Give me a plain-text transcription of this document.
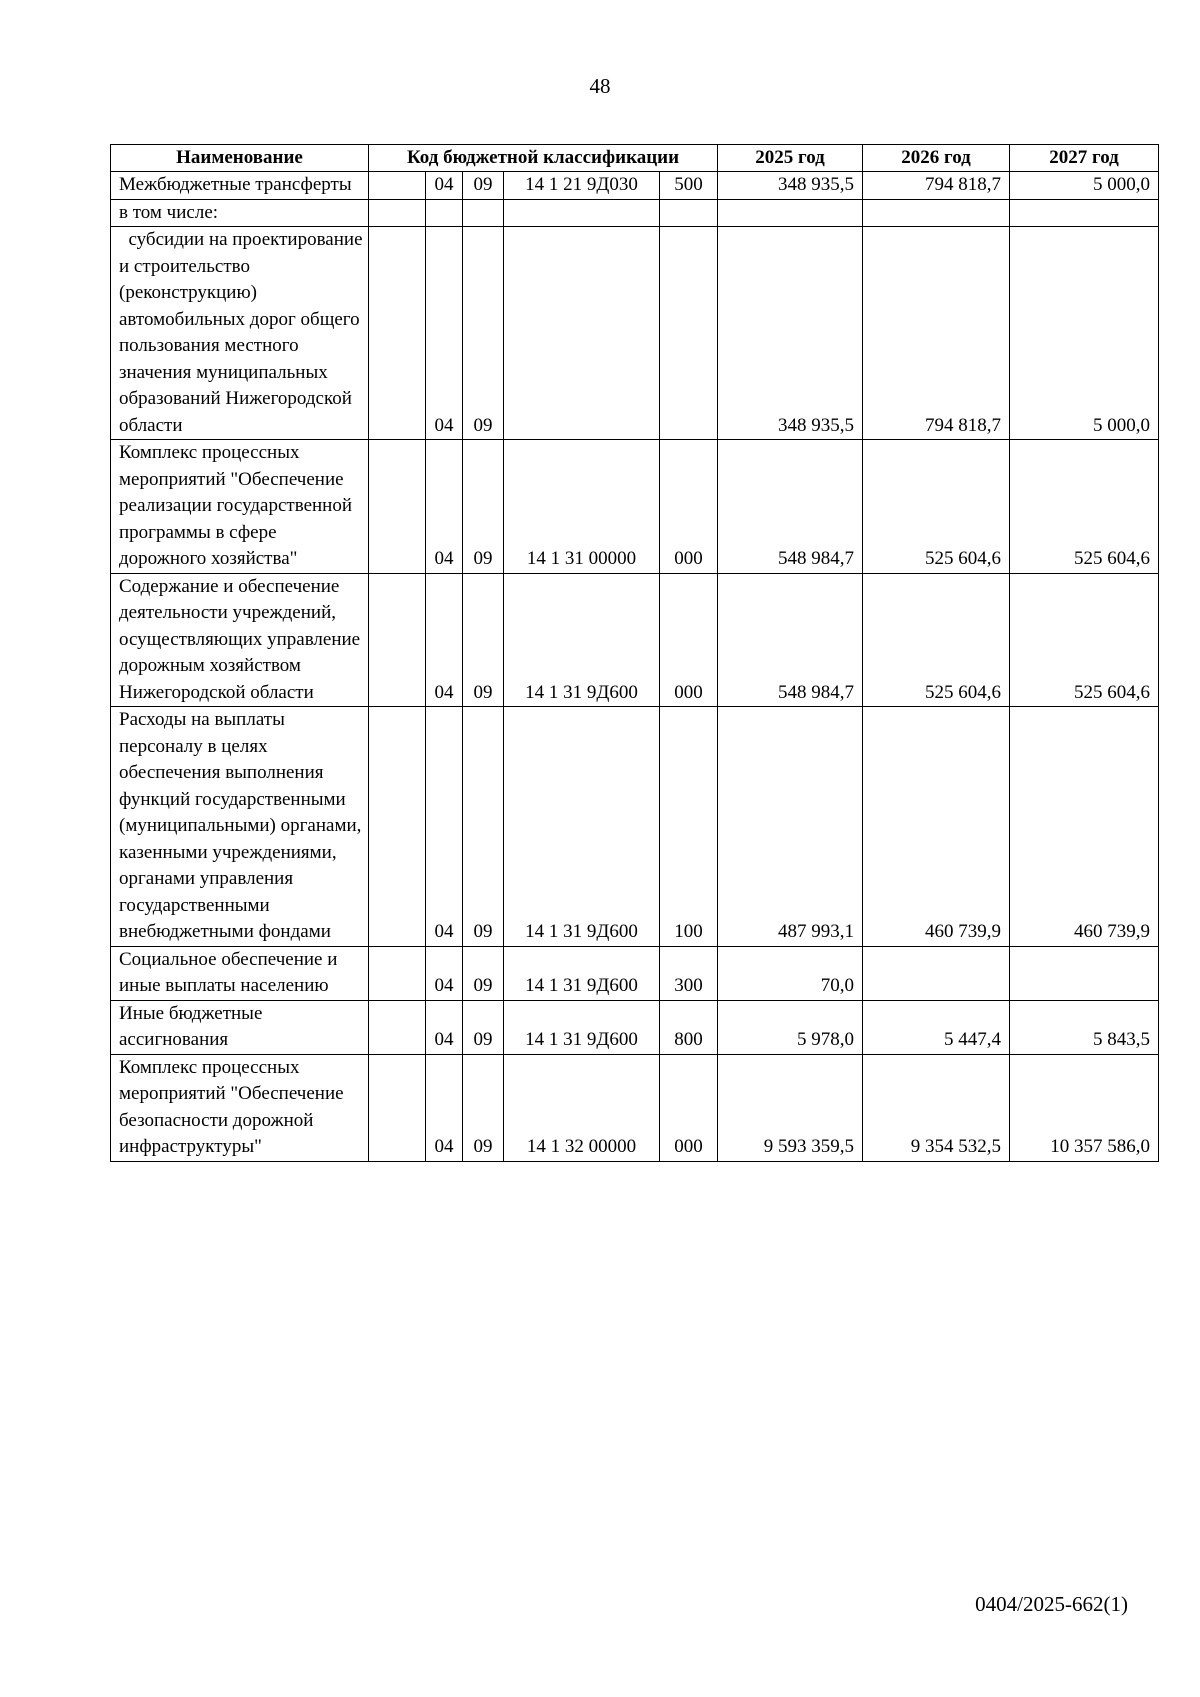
48
Наименование	Код бюджетной классификации					2025 год	2026 год	2027 год
Межбюджетные трансферты		04	09	14 1 21 9Д030	500	348 935,5	794 818,7	5 000,0
в том числе:								
субсидии на проектирование и строительство (реконструкцию) автомобильных дорог общего пользования местного значения муниципальных образований Нижегородской области		04	09			348 935,5	794 818,7	5 000,0
Комплекс процессных мероприятий "Обеспечение реализации государственной программы в сфере дорожного хозяйства"		04	09	14 1 31 00000	000	548 984,7	525 604,6	525 604,6
Содержание и обеспечение деятельности учреждений, осуществляющих управление дорожным хозяйством Нижегородской области		04	09	14 1 31 9Д600	000	548 984,7	525 604,6	525 604,6
Расходы на выплаты персоналу в целях обеспечения выполнения функций государственными (муниципальными) органами, казенными учреждениями, органами управления государственными внебюджетными фондами		04	09	14 1 31 9Д600	100	487 993,1	460 739,9	460 739,9
Социальное обеспечение и иные выплаты населению		04	09	14 1 31 9Д600	300	70,0		
Иные бюджетные ассигнования		04	09	14 1 31 9Д600	800	5 978,0	5 447,4	5 843,5
Комплекс процессных мероприятий "Обеспечение безопасности дорожной инфраструктуры"		04	09	14 1 32 00000	000	9 593 359,5	9 354 532,5	10 357 586,0
0404/2025-662(1)
